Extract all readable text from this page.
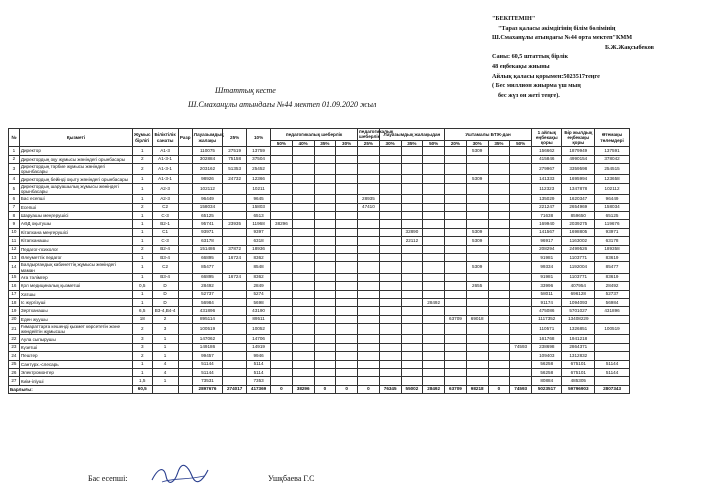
"БЕКІТЕМІН"
"Тараз қаласы әкімдігінің білім бөлімінің
Ш.Смаханұлы атындағы №44 орта мектеп"КММ
Б.Ж.Жақсыбеков
Саны: 60,5 штаттық бірлік
48 еңбекақы жиыны
Айлық қаласы қорымен:5023517теңге
( Бес миллион жиырма үш мың
бес жүз он жеті теңге).
Штаттық кесте
Ш.Смаханұлы атындағы №44 мектеп 01.09.2020 жыл
№	Қызметі	Жұмыс бірлігі	Біліктілік санаты	Разр	Лауазымдық жалақы	25%	10%	педагогикалық шеберлік				педагогикалық шеберлік	Лауазымдық жалақыдан			Уштамалы БТЖ-дан				1 айлық еңбекақы қоры	Бір жылдық еңбекақы қоры	Өтемақы төлемдері
								50%	40%	35%	30%	25%	30%	35%	50%	20%	30%	35%	50%			
1	Директор	1	А1-3		110075	27519	13759										5309			156662	1879949	137591
2	Директордың оқу жұмысы жөніндегі орынбасары	2	А1-3-1		302884	75158	37504													415846	4990154	378042
3	Директордың тәрбие жұмысы жөніндегі орынбасары	2	А1-3-1		203162	51353	25452													279967	3359598	254515
4	Директордың бейінді оқыту жөніндегі орынбасары	1	А1-3-1		98926	24732	12366										5309			141333	1695994	123658
5	Директордың шаруашылық жұмысы жөніндегі орынбасары	1	А2-3		102112		10211													112323	1347878	102112
6	Бас есепші	1	А2-3		96449		9645					28935								135029	1620347	96449
7	Есепші	2	С2		158034		15803					47410								221247	2654969	158034
8	Шаруашы меңгерушісі	1	С-3		65125		6513													71638	859650	65125
9	АӘД оқытушы	1	В2-1		95741	23935	11968	38296												169940	2039275	119676
10	Кітапхана меңгерушісі	1	С1		93971		9397							32890			5309			141567	1698805	93971
11	Кітапханашы	1	С-3		63178		6318							22112			5309			96917	1163002	63178
12	Педагог-психолог	2	В2-4		151486	37872	18936													208294	2499526	189358
13	Әлеуметтік педагог	1	В3-4		66895	16724	8362													91981	1103771	83619
14	Балдырғандық кабинеттің жұмысы жөніндегі маман	1	С2		85477		8548										5309			99334	1192004	85477
15	Аға тәлімгер	1	В3-4		66895	16724	8362													91981	1103771	83619
16	Қол медициналық қызметші	0,5	D		28492		2849										2655			33996	407954	28492
17	Хатшы	1	D		52737		5274													58011	696128	52737
18	Іс жүргізуші	1	D		56984		5698								28492					91174	1094093	56984
19	Зертханашы	6,5	В3-4,В4-4		431896		43190													475086	5701027	431896
20	Еден жуушы	18	2		895114		89511									63709	69018			1117352	13408229	
21	Ғимараттарға кешенді қызмет көрсететін және жөндейтін жұмысшы	2	3		100519		10052													110571	1326851	100519
22	Аула сыпырушы	3	1		147062		14706													161768	1941218	
23	Күзетші	3	1		149186		14919												74593	238698	2864371	
24	Пештер	2	1		99457		9946													109403	1312832	
25	Сантүрх.-слесарь	1	4		51144		5114													56258	675101	51144
26	Электромонтер	1	4		51144		5114													56258	675101	51144
27	Киім-іліуші	1,5	1		73531		7353													80884	485305	
Барлығы:		60,5			2897676	274017	417369	0	38296	0	0	0	76345	55002	28492	63709	98218	0	74593	5023517	59796903	2807343
Бас есепші:	Ушқбаева Г.С
